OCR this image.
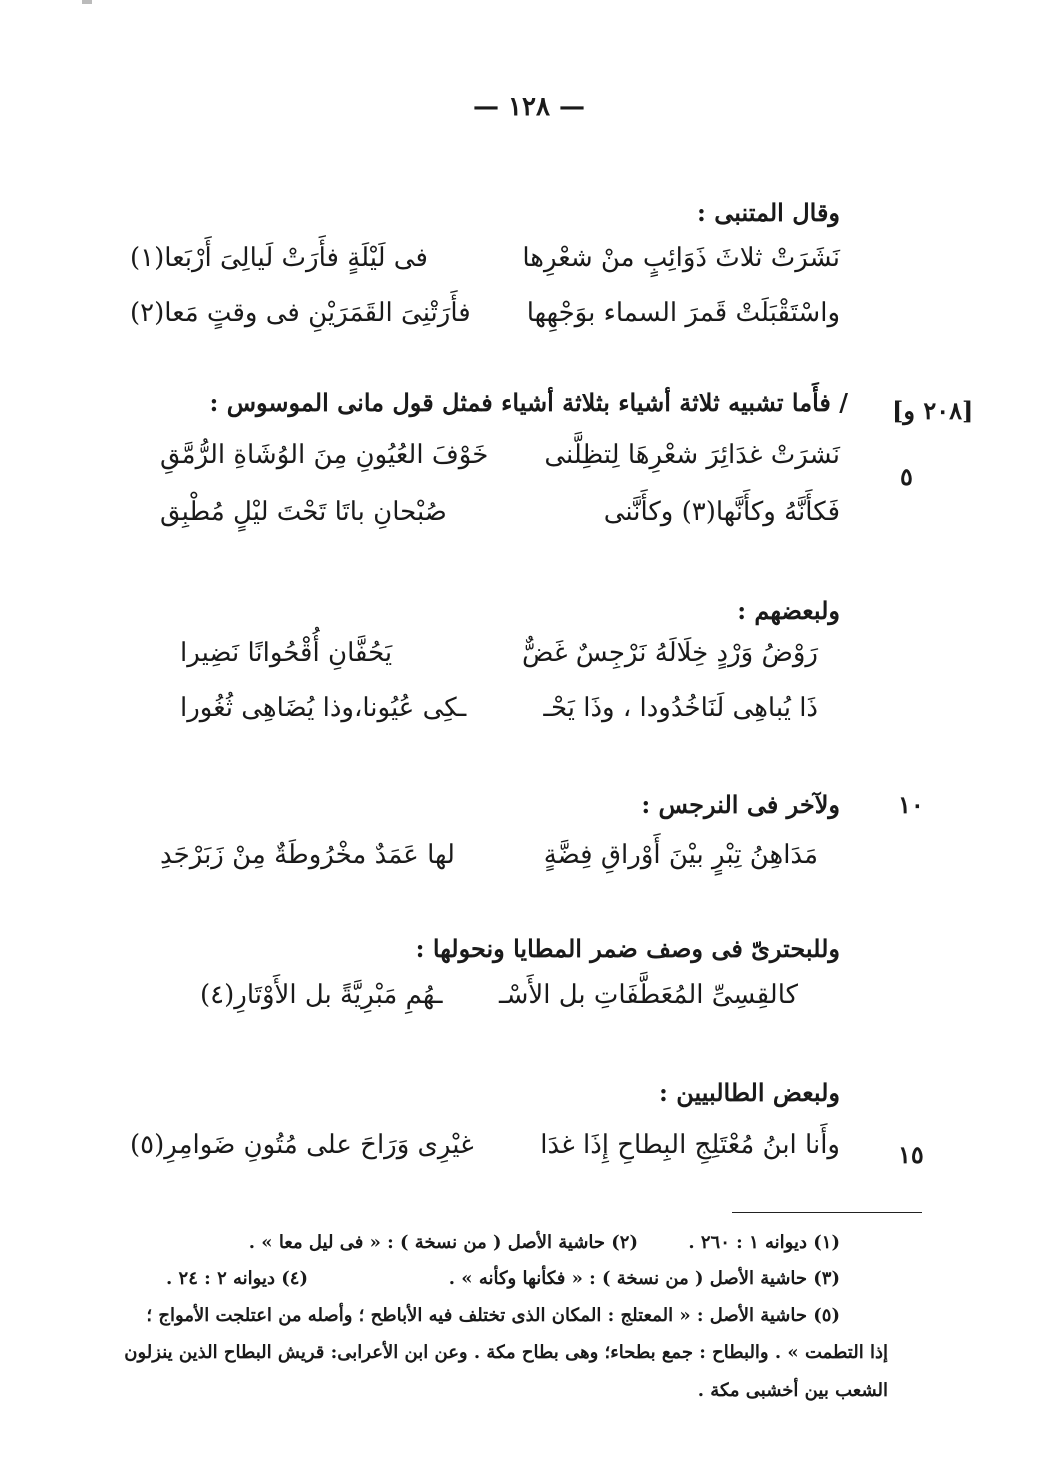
— ١٢٨ —
وقال المتنبى :
نَشَرَتْ ثلاثَ ذَوَائِبٍ منْ شعْرِها
فى لَيْلَةٍ فأَرَتْ لَيالِىَ أَرْبَعا(١)
واسْتَقْبَلَتْ قَمرَ السماء بوَجْهِها
فأَرَتْنِىَ القَمَرَيْنِ فى وقتٍ مَعا(٢)
[٢٠٨ و]
/ فأَما تشبيه ثلاثة أشياء بثلاثة أشياء فمثل قول مانى الموسوس :
نَشرَتْ غدَائِرَ شعْرِهَا لِتظِلَّنى
خَوْفَ العُيُونِ مِنَ الوُشَاةِ الرُّمَّقِ
٥
فَكأَنَّهُ وكأَنَّها(٣) وكأَنَّنى
صُبْحانِ باتَا تَحْتَ ليْلٍ مُطْبِق
ولبعضهم :
رَوْضُ وَرْدٍ خِلَالَهُ نَرْجِسٌ غَضٌّ
يَحُفَّانِ أُقْحُوانًا نَضِيرا
ذَا يُباهِى لَنَاخُدُودا ، وذَا يَحْـ
ـكِى عُيُونا،وذا يُضَاهِى ثُغُورا
١٠
ولآخر فى النرجس :
مَدَاهِنُ تِبْرٍ بيْنَ أَوْراقِ فِضَّةٍ
لها عَمَدٌ مخْرُوطَةٌ مِنْ زَبَرْجَدِ
وللبحترىّ فى وصف ضمر المطايا ونحولها :
كالقِسِىِّ المُعَطَّفَاتِ بل الأَسْـ
ـهُمِ مَبْرِيَّةً بل الأَوْتَارِ(٤)
ولبعض الطالبيين :
١٥
وأَنا ابنُ مُعْتَلِجِ البِطاحِ إِذَا غدَا
غيْرِى وَرَاحَ على مُتُونِ ضَوامِرِ(٥)
(١) ديوانه ١ : ٢٦٠ .
(٢) حاشية الأصل ( من نسخة ) : « فى ليل معا » .
(٣) حاشية الأصل ( من نسخة ) : « فكأنها وكأنه » .
(٤) ديوانه ٢ : ٢٤ .
(٥) حاشية الأصل : « المعتلج : المكان الذى تختلف فيه الأباطح ؛ وأصله من اعتلجت الأمواج ؛
إذا التطمت » . والبطاح : جمع بطحاء؛ وهى بطاح مكة . وعن ابن الأعرابى: قريش البطاح الذين ينزلون
الشعب بين أخشبى مكة .
